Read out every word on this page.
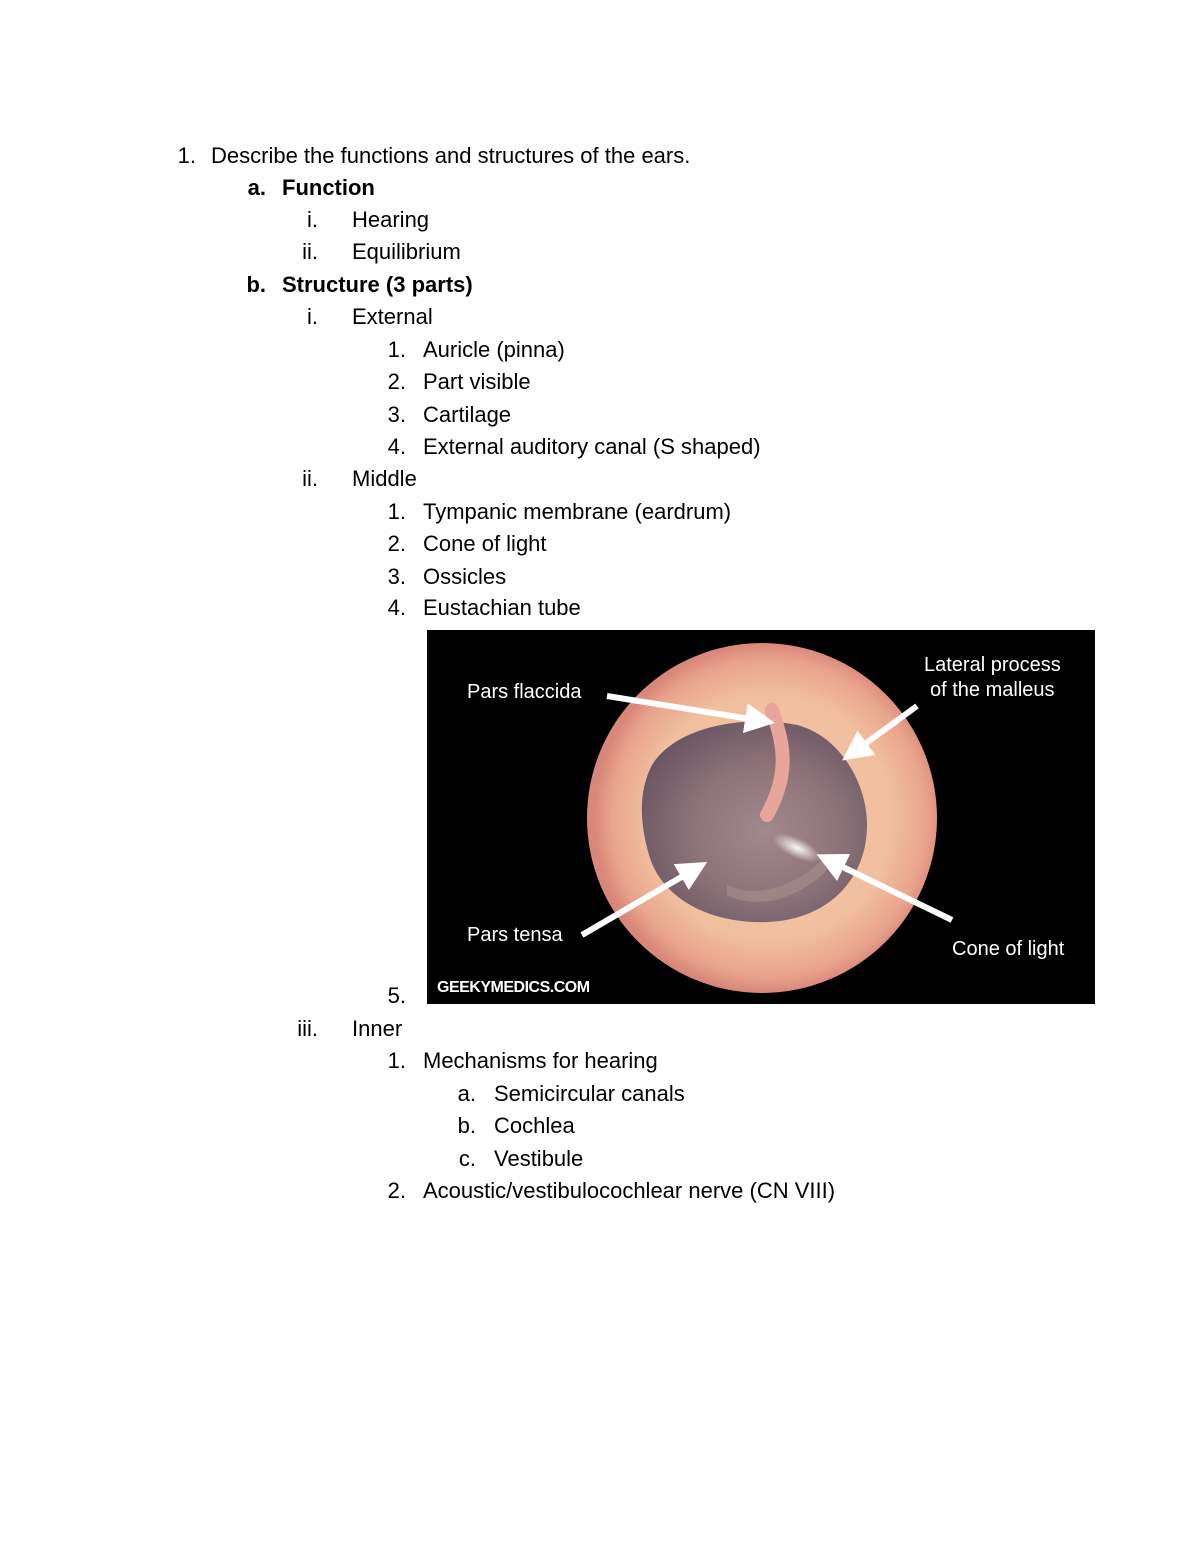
1. Describe the functions and structures of the ears.
a. Function
i. Hearing
ii. Equilibrium
b. Structure (3 parts)
i. External
1. Auricle (pinna)
2. Part visible
3. Cartilage
4. External auditory canal (S shaped)
ii. Middle
1. Tympanic membrane (eardrum)
2. Cone of light
3. Ossicles
4. Eustachian tube
Pars flaccida
Lateral process
of the malleus
Pars tensa
Cone of light
GEEKYMEDICS.COM
5.
iii. Inner
1. Mechanisms for hearing
a. Semicircular canals
b. Cochlea
c. Vestibule
2. Acoustic/vestibulocochlear nerve (CN VIII)
